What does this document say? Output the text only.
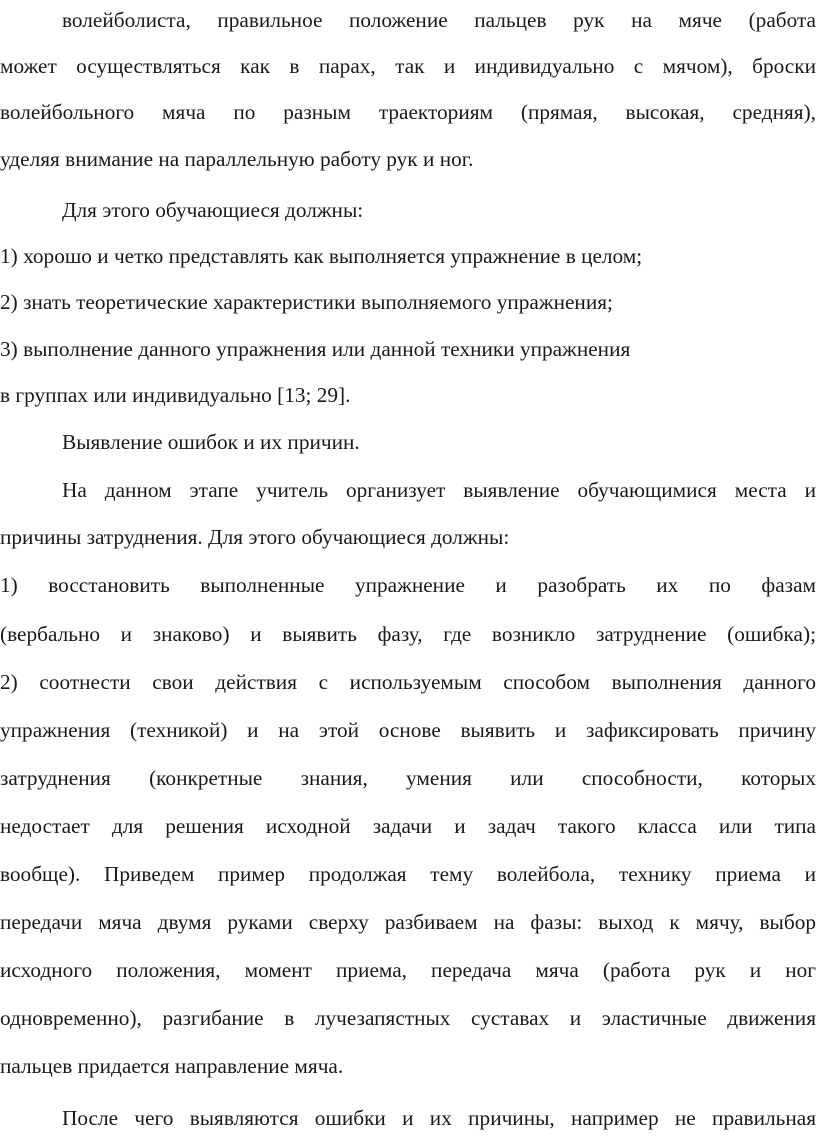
волейболиста, правильное положение пальцев рук на мяче (работа
может осуществляться как в парах, так и индивидуально с мячом), броски
волейбольного мяча по разным траекториям (прямая, высокая, средняя),
уделяя внимание на параллельную работу рук и ног.
Для этого обучающиеся должны:
1) хорошо и четко представлять как выполняется упражнение в целом;
2) знать теоретические характеристики выполняемого упражнения;
3) выполнение данного упражнения или данной техники упражнения
в группах или индивидуально [13; 29].
Выявление ошибок и их причин.
На данном этапе учитель организует выявление обучающимися места и
причины затруднения. Для этого обучающиеся должны:
1) восстановить выполненные упражнение и разобрать их по фазам
(вербально и знаково) и выявить фазу, где возникло затруднение (ошибка);
2) соотнести свои действия с используемым способом выполнения данного
упражнения (техникой) и на этой основе выявить и зафиксировать причину
затруднения (конкретные знания, умения или способности, которых
недостает для решения исходной задачи и задач такого класса или типа
вообще). Приведем пример продолжая тему волейбола, технику приема и
передачи мяча двумя руками сверху разбиваем на фазы: выход к мячу, выбор
исходного положения, момент приема, передача мяча (работа рук и ног
одновременно), разгибание в лучезапястных суставах и эластичные движения
пальцев придается направление мяча.
После чего выявляются ошибки и их причины, например не правильная
